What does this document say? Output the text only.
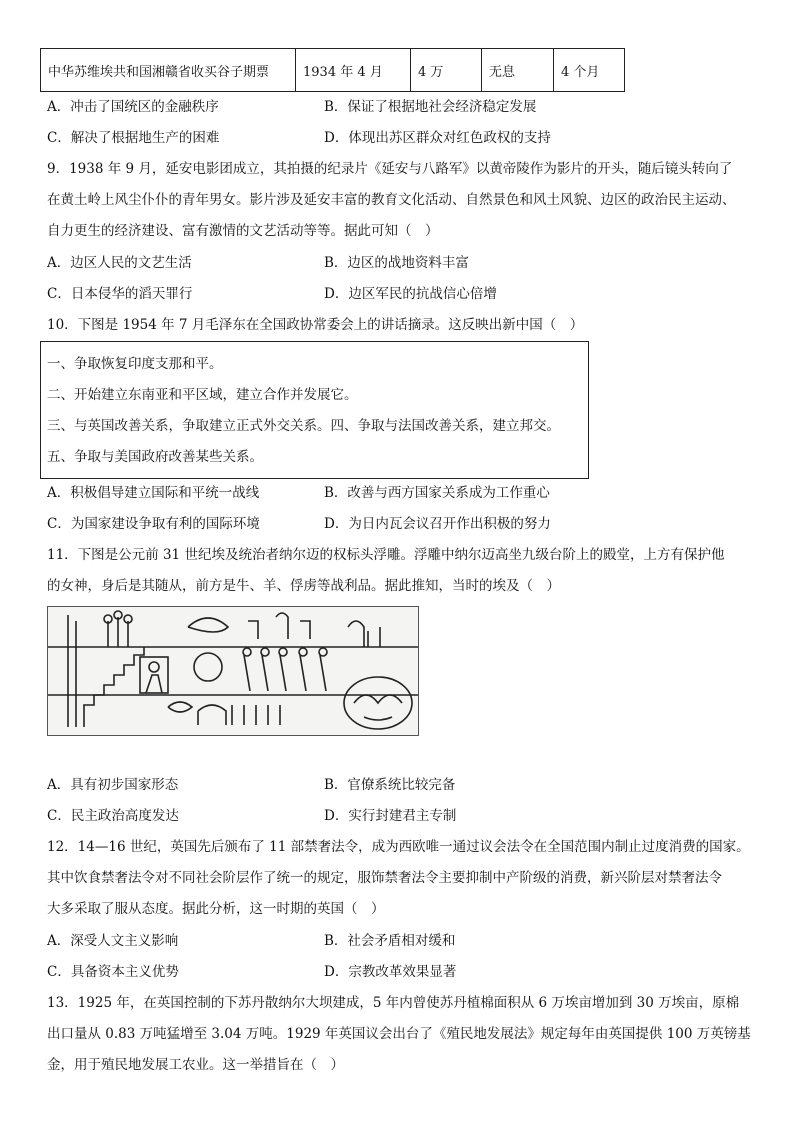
中华苏维埃共和国湘赣省收买谷子期票	1934 年 4 月	4 万	无息	4 个月
A．冲击了国统区的金融秩序	B．保证了根据地社会经济稳定发展
C．解决了根据地生产的困难	D．体现出苏区群众对红色政权的支持
9．1938 年 9 月，延安电影团成立，其拍摄的纪录片《延安与八路军》以黄帝陵作为影片的开头，随后镜头转向了
在黄土岭上风尘仆仆的青年男女。影片涉及延安丰富的教育文化活动、自然景色和风土风貌、边区的政治民主运动、
自力更生的经济建设、富有激情的文艺活动等等。据此可知（　）
A．边区人民的文艺生活	B．边区的战地资料丰富
C．日本侵华的滔天罪行	D．边区军民的抗战信心倍增
10．下图是 1954 年 7 月毛泽东在全国政协常委会上的讲话摘录。这反映出新中国（　）
一、争取恢复印度支那和平。
二、开始建立东南亚和平区域，建立合作并发展它。
三、与英国改善关系，争取建立正式外交关系。四、争取与法国改善关系，建立邦交。
五、争取与美国政府改善某些关系。
A．积极倡导建立国际和平统一战线	B．改善与西方国家关系成为工作重心
C．为国家建设争取有利的国际环境	D．为日内瓦会议召开作出积极的努力
11．下图是公元前 31 世纪埃及统治者纳尔迈的权标头浮雕。浮雕中纳尔迈高坐九级台阶上的殿堂，上方有保护他
的女神，身后是其随从，前方是牛、羊、俘虏等战利品。据此推知，当时的埃及（　）
A．具有初步国家形态	B．官僚系统比较完备
C．民主政治高度发达	D．实行封建君主专制
12．14—16 世纪，英国先后颁布了 11 部禁奢法令，成为西欧唯一通过议会法令在全国范围内制止过度消费的国家。
其中饮食禁奢法令对不同社会阶层作了统一的规定，服饰禁奢法令主要抑制中产阶级的消费，新兴阶层对禁奢法令
大多采取了服从态度。据此分析，这一时期的英国（　）
A．深受人文主义影响	B．社会矛盾相对缓和
C．具备资本主义优势	D．宗教改革效果显著
13．1925 年，在英国控制的下苏丹散纳尔大坝建成，5 年内曾使苏丹植棉面积从 6 万埃亩增加到 30 万埃亩，原棉
出口量从 0.83 万吨猛增至 3.04 万吨。1929 年英国议会出台了《殖民地发展法》规定每年由英国提供 100 万英镑基
金，用于殖民地发展工农业。这一举措旨在（　）
